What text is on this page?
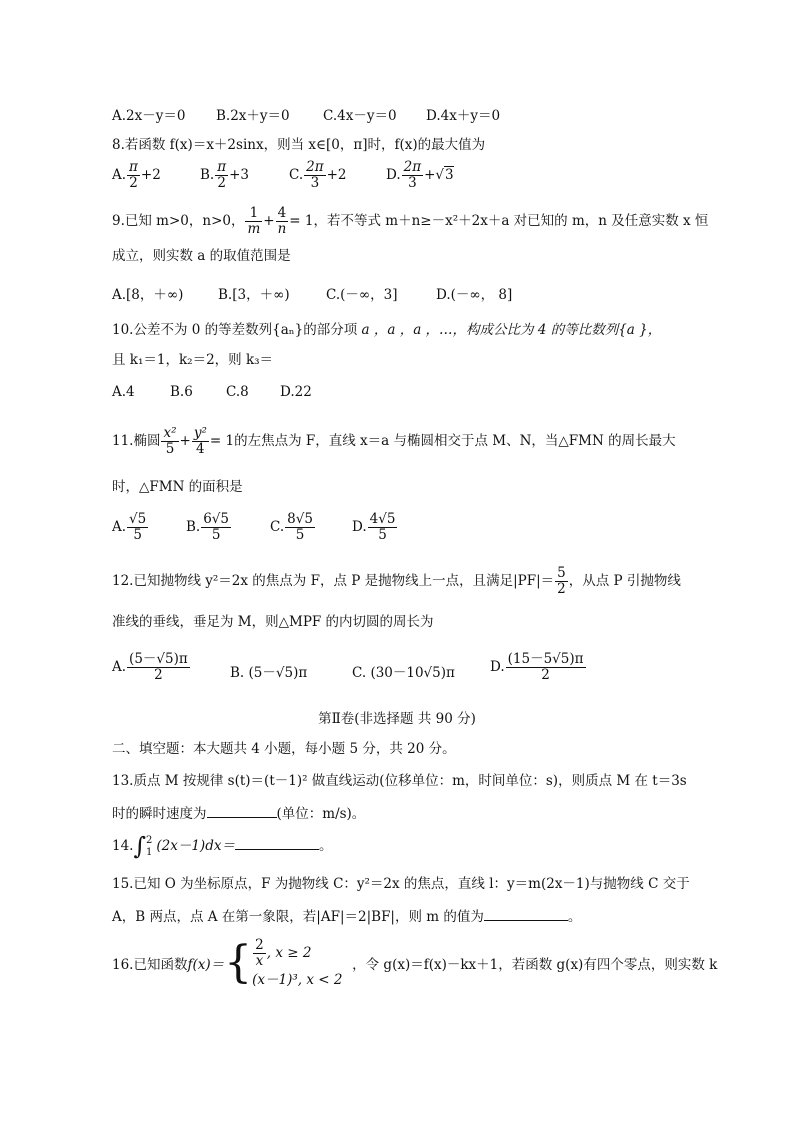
A.2x－y＝0 B.2x＋y＝0 C.4x－y＝0 D.4x＋y＝0
8.若函数 f(x)＝x＋2sinx，则当 x∈[0，π]时，f(x)的最大值为
A. $\frac{\pi}{2} +2$	B. $\frac{\pi}{2} +3$	C. $\frac{2\pi}{3} +2$	D. $\frac{2\pi}{3} +√3$
9.已知 m>0，n>0， $\frac{1}{m} + \frac{4}{n} = 1$，若不等式 m＋n≥－x²＋2x＋a 对已知的 m，n 及任意实数 x 恒
成立，则实数 a 的取值范围是
A.[8，＋∞)	B.[3，＋∞)	C.(－∞，3]	D.(－∞， 8]
10.公差不为 0 的等差数列{aₙ}的部分项 a ，a ，a ，…，构成公比为 4 的等比数列{a }，
且 k₁＝1，k₂＝2，则 k₃＝
A.4	B.6 C.8 D.22
11.椭圆 $\frac{\text{x²}}{5} + \frac{\text{y²}}{4} = 1$的左焦点为 F，直线 x＝a 与椭圆相交于点 M、N，当△FMN 的周长最大
时，△FMN 的面积是
A. $\frac{√5}{5}$	B. $\frac{6√5}{5}$	C. $\frac{8√5}{5}$	D. $\frac{4√5}{5}$
12.已知抛物线 y²＝2x 的焦点为 F，点 P 是抛物线上一点，且满足$|PF|= \frac{5}{2}$ ，从点 P 引抛物线
准线的垂线，垂足为 M，则△MPF 的内切圆的周长为
A. $\frac{(5-√5)\pi}{2}$	B. (5－√5)π	C. (30－10√5)π	D. $\frac{(15-5√5)\pi}{2}$
第Ⅱ卷(非选择题 共 90 分)
二、填空题：本大题共 4 小题，每小题 5 分，共 20 分。
13.质点 M 按规律 s(t)＝(t－1)² 做直线运动(位移单位：m，时间单位：s)，则质点 M 在 t＝3s
时的瞬时速度为	(单位：m/s)。
14.∫ 2
1 (2x－1)dx＝	。
15.已知 O 为坐标原点，F 为抛物线 C：y²＝2x 的焦点，直线 l：y＝m(2x－1)与抛物线 C 交于
A，B 两点，点 A 在第一象限，若|AF|＝2|BF|，则 m 的值为	。
16.已知函数$f(x)=\{ \frac{2}{x}$ , x ≥ 2
(x－1)³, x < 2
，令 g(x)＝f(x)－kx＋1，若函数 g(x)有四个零点，则实数 k
